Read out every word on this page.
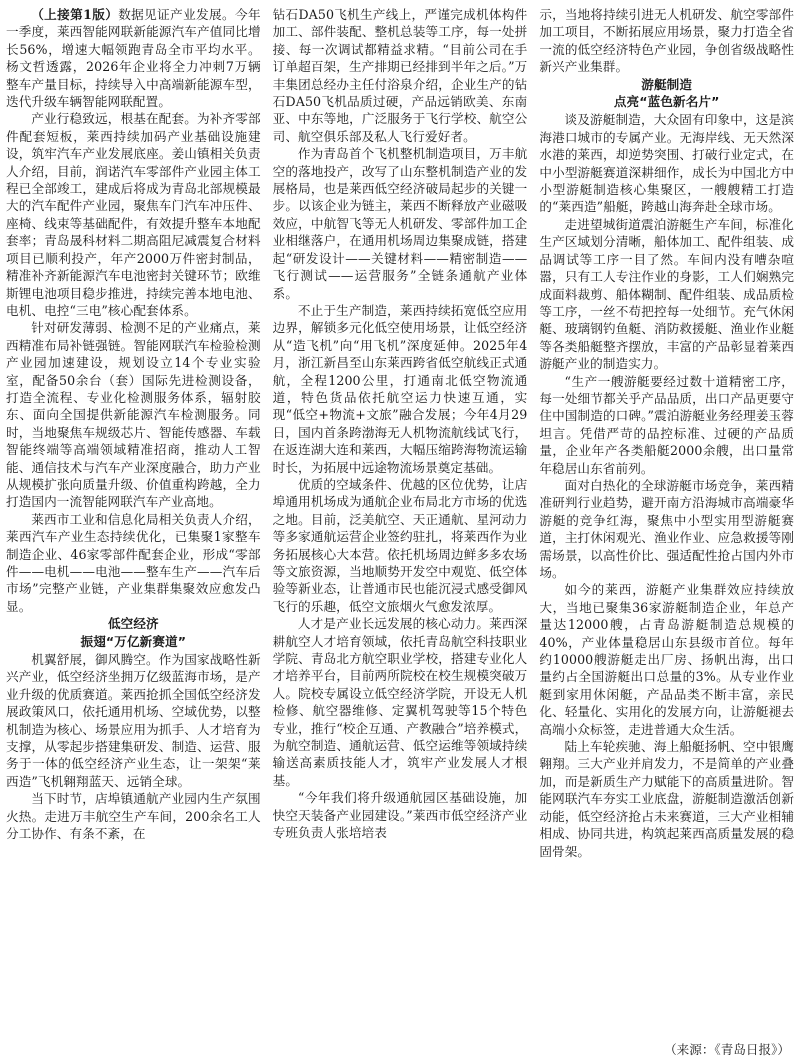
（上接第1版）数据见证产业发展。今年一季度，莱西智能网联新能源汽车产值同比增长56%，增速大幅领跑青岛全市平均水平。杨文哲透露，2026年企业将全力冲刺7万辆整车产量目标，持续导入中高端新能源车型，迭代升级车辆智能网联配置。

产业行稳致远，根基在配套。为补齐零部件配套短板，莱西持续加码产业基础设施建设，筑牢汽车产业发展底座。姜山镇相关负责人介绍，目前，润诺汽车零部件产业园主体工程已全部竣工，建成后将成为青岛北部规模最大的汽车配件产业园，聚焦车门汽车冲压件、座椅、线束等基础配件，有效提升整车本地配套率；青岛晟科材料二期高阻尼减震复合材料项目已顺利投产，年产2000万件密封制品，精准补齐新能源汽车电池密封关键环节；欧维斯锂电池项目稳步推进，持续完善本地电池、电机、电控“三电”核心配套体系。

针对研发薄弱、检测不足的产业痛点，莱西精准布局补链强链。智能网联汽车检验检测产业园加速建设，规划设立14个专业实验室，配备50余台（套）国际先进检测设备，打造全流程、专业化检测服务体系，辐射胶东、面向全国提供新能源汽车检测服务。同时，当地聚焦车规级芯片、智能传感器、车载智能终端等高端领域精准招商，推动人工智能、通信技术与汽车产业深度融合，助力产业从规模扩张向质量升级、价值重构跨越，全力打造国内一流智能网联汽车产业高地。

莱西市工业和信息化局相关负责人介绍，莱西汽车产业生态持续优化，已集聚1家整车制造企业、46家零部件配套企业，形成“零部件——电机——电池——整车生产——汽车后市场”完整产业链，产业集群集聚效应愈发凸显。

低空经济
振翅“万亿新赛道”

机翼舒展，御风腾空。作为国家战略性新兴产业，低空经济坐拥万亿级蓝海市场，是产业升级的优质赛道。莱西抢抓全国低空经济发展政策风口，依托通用机场、空域优势，以整机制造为核心、场景应用为抓手、人才培育为支撑，从零起步搭建集研发、制造、运营、服务于一体的低空经济产业生态，让一架架“莱西造”飞机翱翔蓝天、远销全球。

当下时节，店埠镇通航产业园内生产氛围火热。走进万丰航空生产车间，200余名工人分工协作、有条不紊，在

钻石DA50飞机生产线上，严谨完成机体构件加工、部件装配、整机总装等工序，每一处拼接、每一次调试都精益求精。“目前公司在手订单超百架，生产排期已经排到半年之后。”万丰集团总经办主任付浴泉介绍，企业生产的钻石DA50飞机品质过硬，产品远销欧美、东南亚、中东等地，广泛服务于飞行学校、航空公司、航空俱乐部及私人飞行爱好者。

作为青岛首个飞机整机制造项目，万丰航空的落地投产，改写了山东整机制造产业的发展格局，也是莱西低空经济破局起步的关键一步。以该企业为链主，莱西不断释放产业磁吸效应，中航智飞等无人机研发、零部件加工企业相继落户，在通用机场周边集聚成链，搭建起“研发设计——关键材料——精密制造——飞行测试——运营服务”全链条通航产业体系。

不止于生产制造，莱西持续拓宽低空应用边界，解锁多元化低空使用场景，让低空经济从“造飞机”向“用飞机”深度延伸。2025年4月，浙江新昌至山东莱西跨省低空航线正式通航，全程1200公里，打通南北低空物流通道，特色货品依托航空运力快速互通，实现“低空+物流+文旅”融合发展；今年4月29日，国内首条跨渤海无人机物流航线试飞行，在返连湖大连和莱西，大幅压缩跨海物流运输时长，为拓展中远途物流场景奠定基础。

优质的空域条件、优越的区位优势，让店埠通用机场成为通航企业布局北方市场的优选之地。目前，泛美航空、天正通航、星河动力等多家通航运营企业签约驻扎，将莱西作为业务拓展核心大本营。依托机场周边鲜多多农场等文旅资源，当地顺势开发空中观览、低空体验等新业态，让普通市民也能沉浸式感受御风飞行的乐趣，低空文旅烟火气愈发浓厚。

人才是产业长远发展的核心动力。莱西深耕航空人才培育领域，依托青岛航空科技职业学院、青岛北方航空职业学校，搭建专业化人才培养平台，目前两所院校在校生规模突破万人。院校专属设立低空经济学院，开设无人机检修、航空器维修、定翼机驾驶等15个特色专业，推行“校企互通、产教融合”培养模式，为航空制造、通航运营、低空运维等领域持续输送高素质技能人才，筑牢产业发展人才根基。

“今年我们将升级通航园区基础设施，加快空天装备产业园建设。”莱西市低空经济产业专班负责人张培培表

示，当地将持续引进无人机研发、航空零部件加工项目，不断拓展应用场景，聚力打造全省一流的低空经济特色产业园，争创省级战略性新兴产业集群。

游艇制造
点亮“蓝色新名片”

谈及游艇制造，大众固有印象中，这是滨海港口城市的专属产业。无海岸线、无天然深水港的莱西，却逆势突围、打破行业定式，在中小型游艇赛道深耕细作，成长为中国北方中小型游艇制造核心集聚区，一艘艘精工打造的“莱西造”船艇，跨越山海奔赴全球市场。

走进望城街道震泊游艇生产车间，标准化生产区域划分清晰，船体加工、配件组装、成品调试等工序一目了然。车间内没有嘈杂喧嚣，只有工人专注作业的身影，工人们娴熟完成面料裁剪、船体糊制、配件组装、成品质检等工序，一丝不苟把控每一处细节。充气休闲艇、玻璃钢钓鱼艇、消防救援艇、渔业作业艇等各类船艇整齐摆放，丰富的产品彰显着莱西游艇产业的制造实力。

“生产一艘游艇要经过数十道精密工序，每一处细节都关乎产品品质，出口产品更要守住中国制造的口碑。”震泊游艇业务经理姜玉蓉坦言。凭借严苛的品控标准、过硬的产品质量，企业年产各类船艇2000余艘，出口量常年稳居山东省前列。

面对白热化的全球游艇市场竞争，莱西精准研判行业趋势，避开南方沿海城市高端豪华游艇的竞争红海，聚焦中小型实用型游艇赛道，主打休闲观光、渔业作业、应急救援等刚需场景，以高性价比、强适配性抢占国内外市场。

如今的莱西，游艇产业集群效应持续放大，当地已聚集36家游艇制造企业，年总产量达12000艘，占青岛游艇制造总规模的40%，产业体量稳居山东县级市首位。每年约10000艘游艇走出厂房、扬帆出海，出口量约占全国游艇出口总量的3%。从专业作业艇到家用休闲艇，产品品类不断丰富，亲民化、轻量化、实用化的发展方向，让游艇褪去高端小众标签，走进普通大众生活。

陆上车轮疾驰、海上船艇扬帆、空中银鹰翱翔。三大产业并肩发力，不是简单的产业叠加，而是新质生产力赋能下的高质量进阶。智能网联汽车夯实工业底盘，游艇制造激活创新动能，低空经济抢占未来赛道，三大产业相辅相成、协同共进，构筑起莱西高质量发展的稳固骨架。

（来源：《青岛日报》）
